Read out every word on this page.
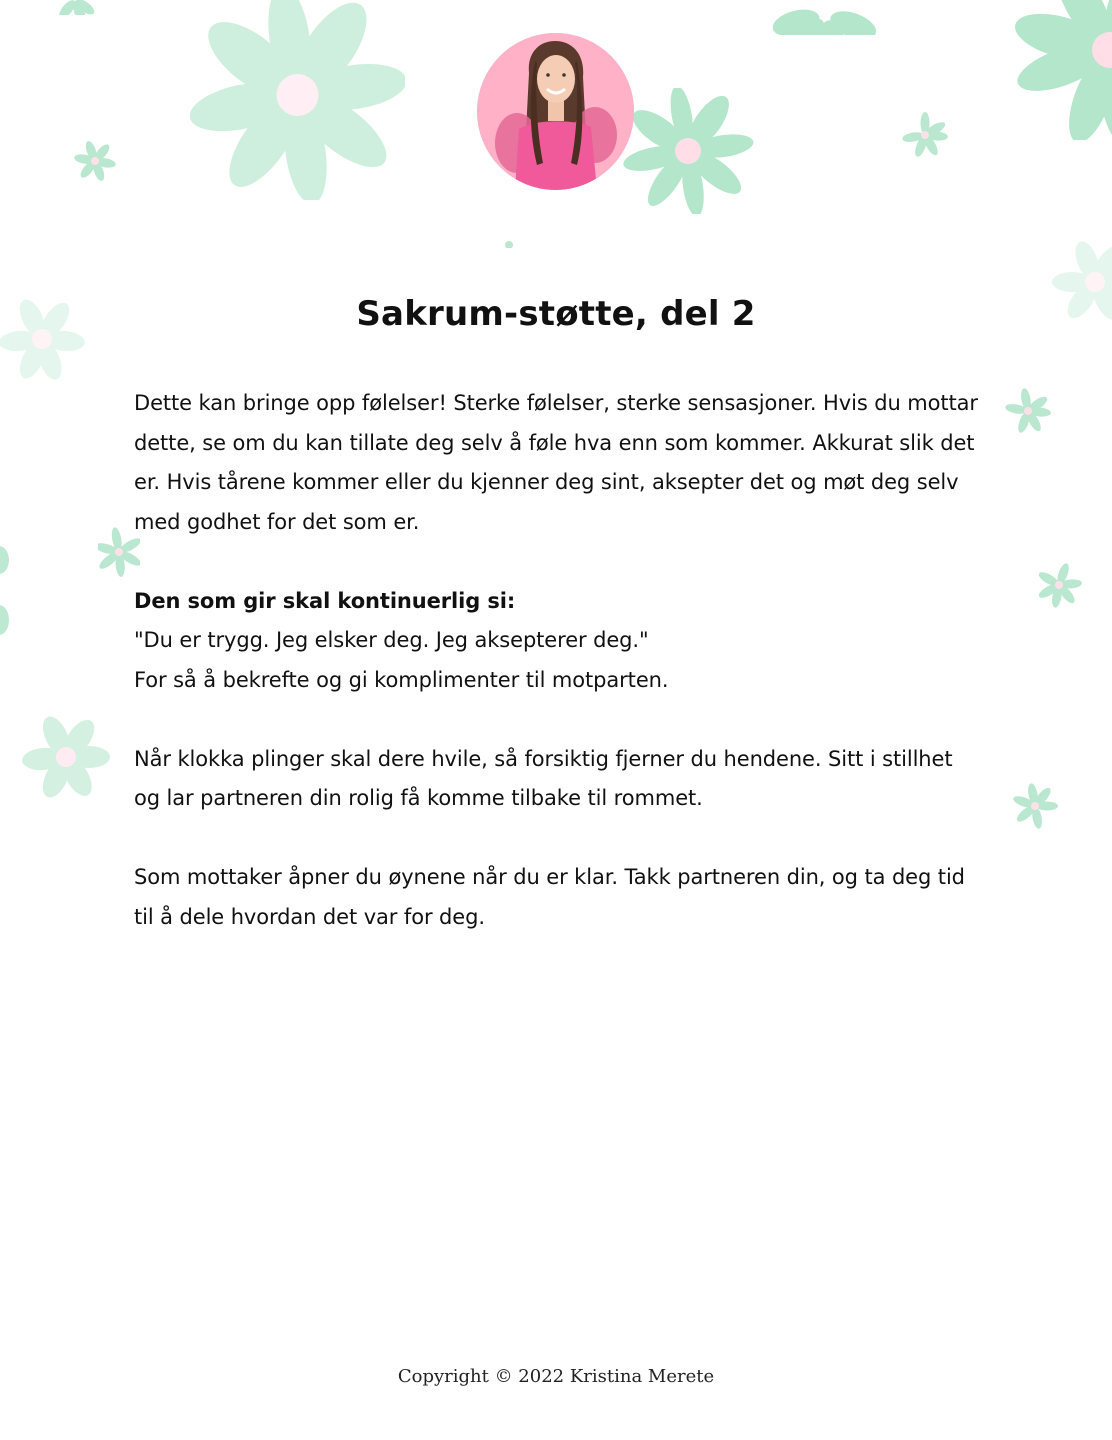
Sakrum-støtte, del 2

Dette kan bringe opp følelser! Sterke følelser, sterke sensasjoner. Hvis du mottar dette, se om du kan tillate deg selv å føle hva enn som kommer. Akkurat slik det er. Hvis tårene kommer eller du kjenner deg sint, aksepter det og møt deg selv med godhet for det som er.

Den som gir skal kontinuerlig si:
"Du er trygg. Jeg elsker deg. Jeg aksepterer deg."
For så å bekrefte og gi komplimenter til motparten.

Når klokka plinger skal dere hvile, så forsiktig fjerner du hendene. Sitt i stillhet og lar partneren din rolig få komme tilbake til rommet.

Som mottaker åpner du øynene når du er klar. Takk partneren din, og ta deg tid til å dele hvordan det var for deg.

Copyright © 2022 Kristina Merete
